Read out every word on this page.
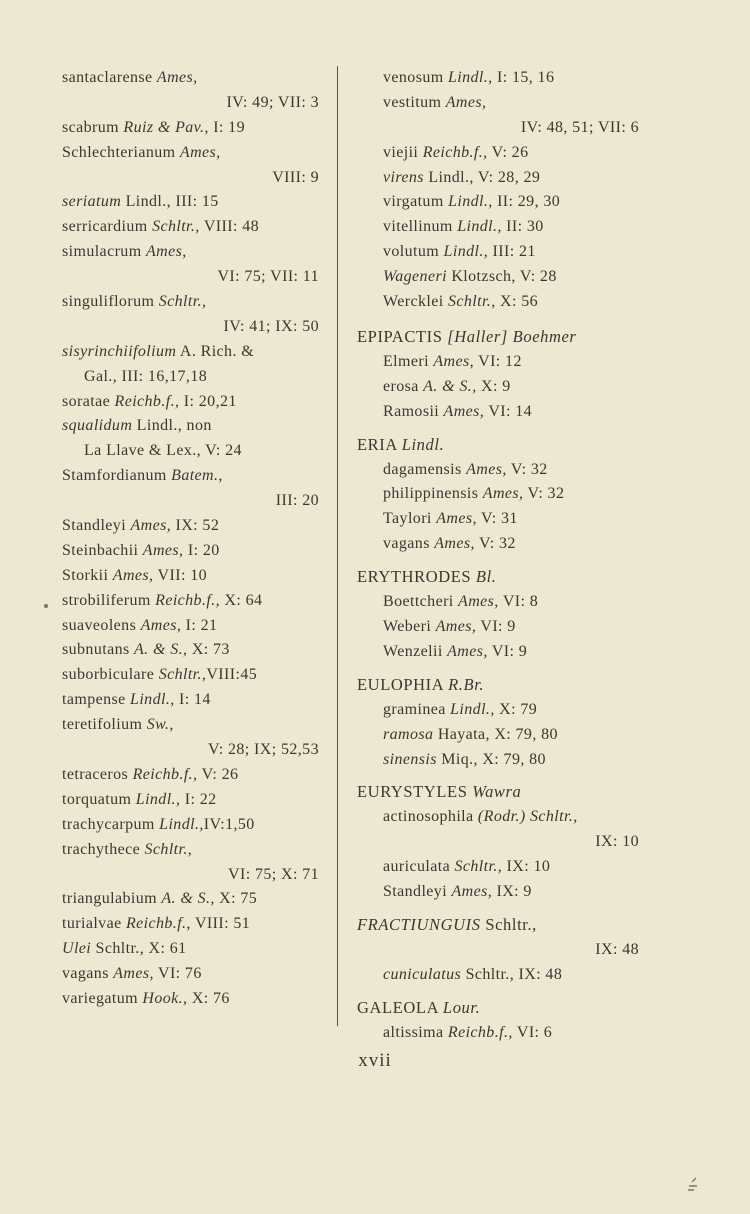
santaclarense Ames,
IV: 49; VII: 3
scabrum Ruiz & Pav., I: 19
Schlechterianum Ames,
VIII: 9
seriatum Lindl., III: 15
serricardium Schltr., VIII: 48
simulacrum Ames,
VI: 75; VII: 11
singuliflorum Schltr.,
IV: 41; IX: 50
sisyrinchiifolium A. Rich. &
Gal., III: 16,17,18
soratae Reichb.f., I: 20,21
squalidum Lindl., non
La Llave & Lex., V: 24
Stamfordianum Batem.,
III: 20
Standleyi Ames, IX: 52
Steinbachii Ames, I: 20
Storkii Ames, VII: 10
strobiliferum Reichb.f., X: 64
suaveolens Ames, I: 21
subnutans A. & S., X: 73
suborbiculare Schltr.,VIII:45
tampense Lindl., I: 14
teretifolium Sw.,
V: 28; IX; 52,53
tetraceros Reichb.f., V: 26
torquatum Lindl., I: 22
trachycarpum Lindl.,IV:1,50
trachythece Schltr.,
VI: 75; X: 71
triangulabium A. & S., X: 75
turialvae Reichb.f., VIII: 51
Ulei Schltr., X: 61
vagans Ames, VI: 76
variegatum Hook., X: 76
venosum Lindl., I: 15, 16
vestitum Ames,
IV: 48, 51; VII: 6
viejii Reichb.f., V: 26
virens Lindl., V: 28, 29
virgatum Lindl., II: 29, 30
vitellinum Lindl., II: 30
volutum Lindl., III: 21
Wageneri Klotzsch, V: 28
Wercklei Schltr., X: 56
EPIPACTIS [Haller] Boehmer
Elmeri Ames, VI: 12
erosa A. & S., X: 9
Ramosii Ames, VI: 14
ERIA Lindl.
dagamensis Ames, V: 32
philippinensis Ames, V: 32
Taylori Ames, V: 31
vagans Ames, V: 32
ERYTHRODES Bl.
Boettcheri Ames, VI: 8
Weberi Ames, VI: 9
Wenzelii Ames, VI: 9
EULOPHIA R.Br.
graminea Lindl., X: 79
ramosa Hayata, X: 79, 80
sinensis Miq., X: 79, 80
EURYSTYLES Wawra
actinosophila (Rodr.) Schltr.,
IX: 10
auriculata Schltr., IX: 10
Standleyi Ames, IX: 9
FRACTIUNGUIS Schltr.,
IX: 48
cuniculatus Schltr., IX: 48
GALEOLA Lour.
altissima Reichb.f., VI: 6
xvii
